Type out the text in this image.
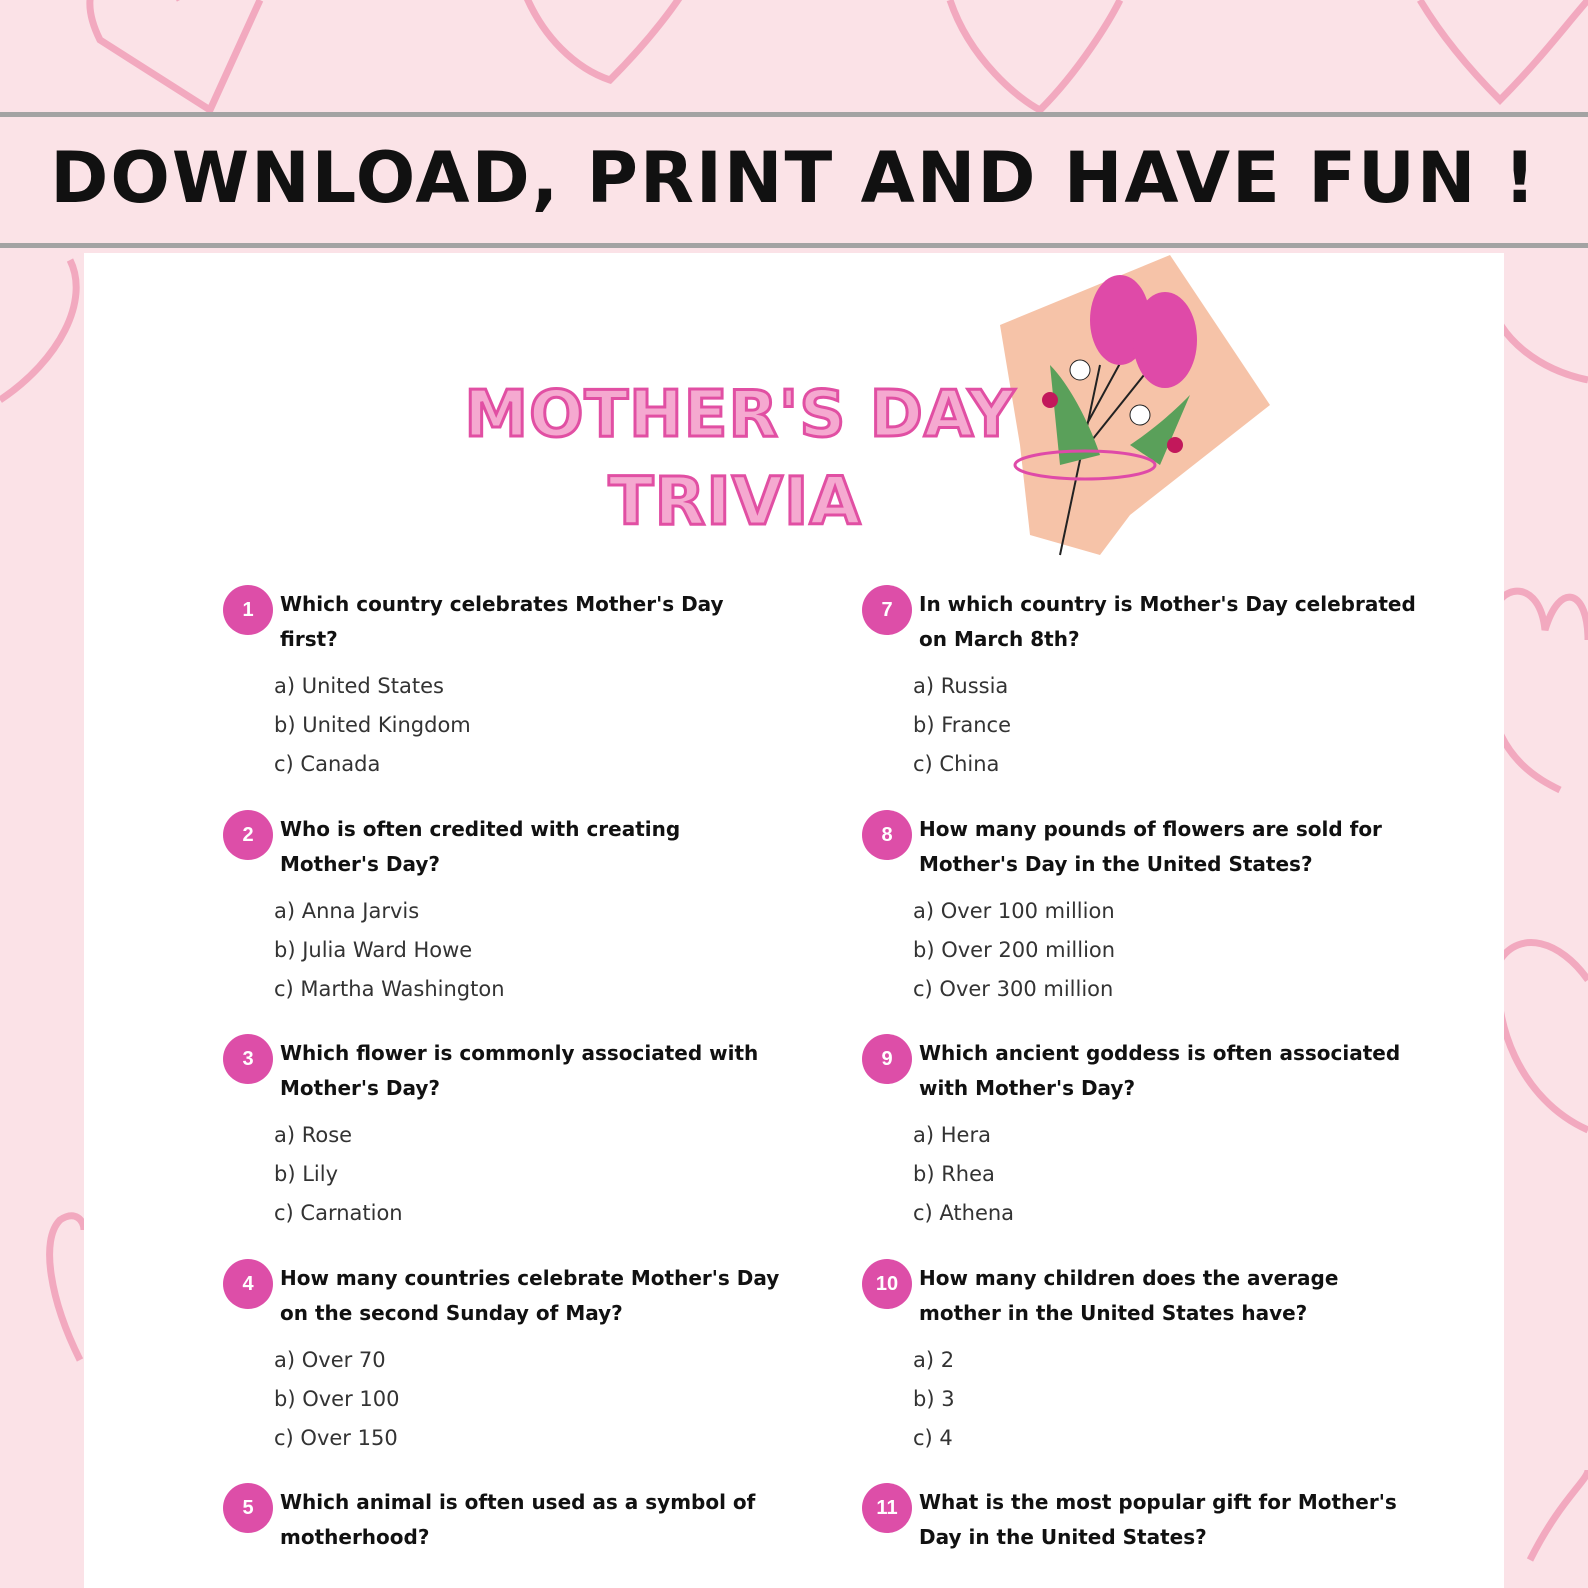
DOWNLOAD, PRINT AND HAVE FUN !
MOTHER'S DAY
TRIVIA
1	Which country celebrates Mother's Day first?

a) United States
b) United Kingdom
c) Canada
2	Who is often credited with creating Mother's Day?

a) Anna Jarvis
b) Julia Ward Howe
c) Martha Washington
3	Which flower is commonly associated with Mother's Day?

a) Rose
b) Lily
c) Carnation
4	How many countries celebrate Mother's Day on the second Sunday of May?

a) Over 70
b) Over 100
c) Over 150
5	Which animal is often used as a symbol of motherhood?

7	In which country is Mother's Day celebrated on March 8th?

a) Russia
b) France
c) China
8	How many pounds of flowers are sold for Mother's Day in the United States?

a) Over 100 million
b) Over 200 million
c) Over 300 million
9	Which ancient goddess is often associated with Mother's Day?

a) Hera
b) Rhea
c) Athena
10	How many children does the average mother in the United States have?

a) 2
b) 3
c) 4
11	What is the most popular gift for Mother's Day in the United States?
